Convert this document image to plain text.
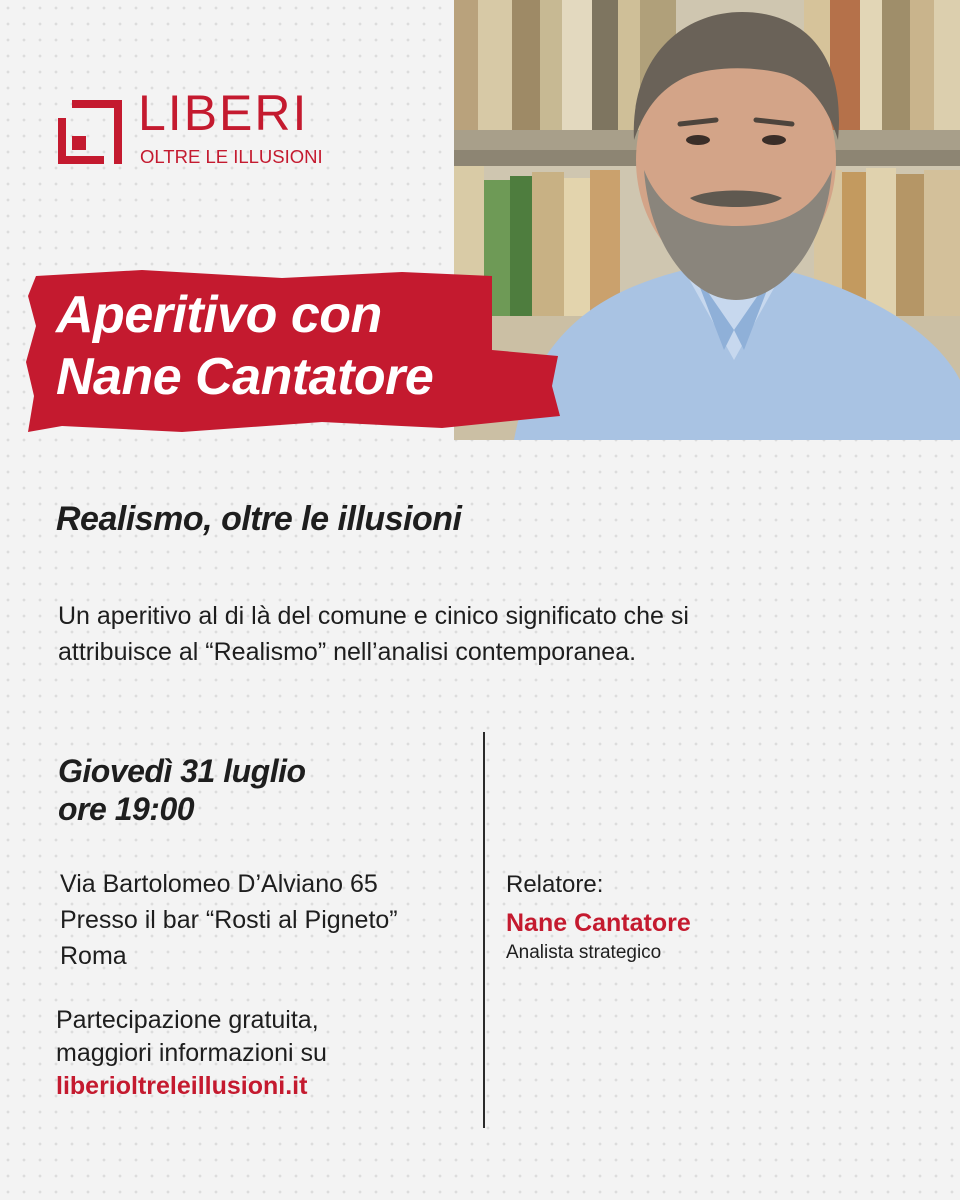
LIBERI
OLTRE LE ILLUSIONI
Aperitivo con
Nane Cantatore
Realismo, oltre le illusioni
Un aperitivo al di là del comune e cinico significato che si
attribuisce al “Realismo” nell’analisi contemporanea.
Giovedì 31 luglio
ore 19:00
Via Bartolomeo D’Alviano 65
Presso il bar “Rosti al Pigneto”
Roma
Partecipazione gratuita,
maggiori informazioni su
liberioltreleillusioni.it
Relatore:
Nane Cantatore
Analista strategico
